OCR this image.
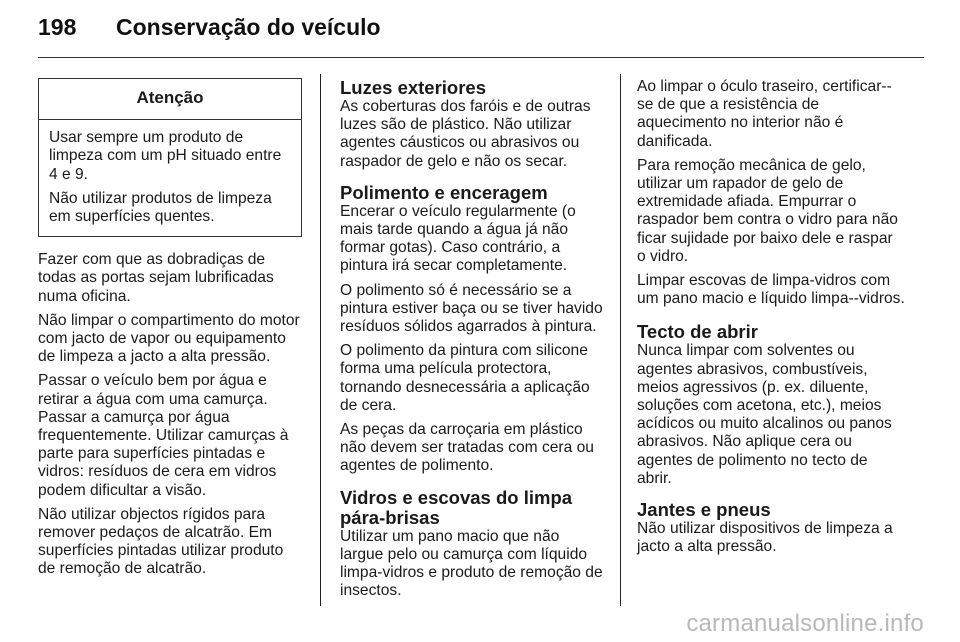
198 Conservação do veículo
Atenção

Usar sempre um produto de limpeza com um pH situado entre 4 e 9.

Não utilizar produtos de limpeza em superfícies quentes.

Fazer com que as dobradiças de todas as portas sejam lubrificadas numa oficina.

Não limpar o compartimento do motor com jacto de vapor ou equipamento de limpeza a jacto a alta pressão.

Passar o veículo bem por água e retirar a água com uma camurça. Passar a camurça por água frequentemente. Utilizar camurças à parte para superfícies pintadas e vidros: resíduos de cera em vidros podem dificultar a visão.

Não utilizar objectos rígidos para remover pedaços de alcatrão. Em superfícies pintadas utilizar produto de remoção de alcatrão.

Luzes exteriores

As coberturas dos faróis e de outras luzes são de plástico. Não utilizar agentes cáusticos ou abrasivos ou raspador de gelo e não os secar.

Polimento e enceragem

Encerar o veículo regularmente (o mais tarde quando a água já não formar gotas). Caso contrário, a pintura irá secar completamente.

O polimento só é necessário se a pintura estiver baça ou se tiver havido resíduos sólidos agarrados à pintura.

O polimento da pintura com silicone forma uma película protectora, tornando desnecessária a aplicação de cera.

As peças da carroçaria em plástico não devem ser tratadas com cera ou agentes de polimento.

Vidros e escovas do limpa pára-brisas

Utilizar um pano macio que não largue pelo ou camurça com líquido limpa-vidros e produto de remoção de insectos.

Ao limpar o óculo traseiro, certificar--se de que a resistência de aquecimento no interior não é danificada.

Para remoção mecânica de gelo, utilizar um rapador de gelo de extremidade afiada. Empurrar o raspador bem contra o vidro para não ficar sujidade por baixo dele e raspar o vidro.

Limpar escovas de limpa-vidros com um pano macio e líquido limpa--vidros.

Tecto de abrir

Nunca limpar com solventes ou agentes abrasivos, combustíveis, meios agressivos (p. ex. diluente, soluções com acetona, etc.), meios acídicos ou muito alcalinos ou panos abrasivos. Não aplique cera ou agentes de polimento no tecto de abrir.

Jantes e pneus

Não utilizar dispositivos de limpeza a jacto a alta pressão.

carmanualsonline.info
